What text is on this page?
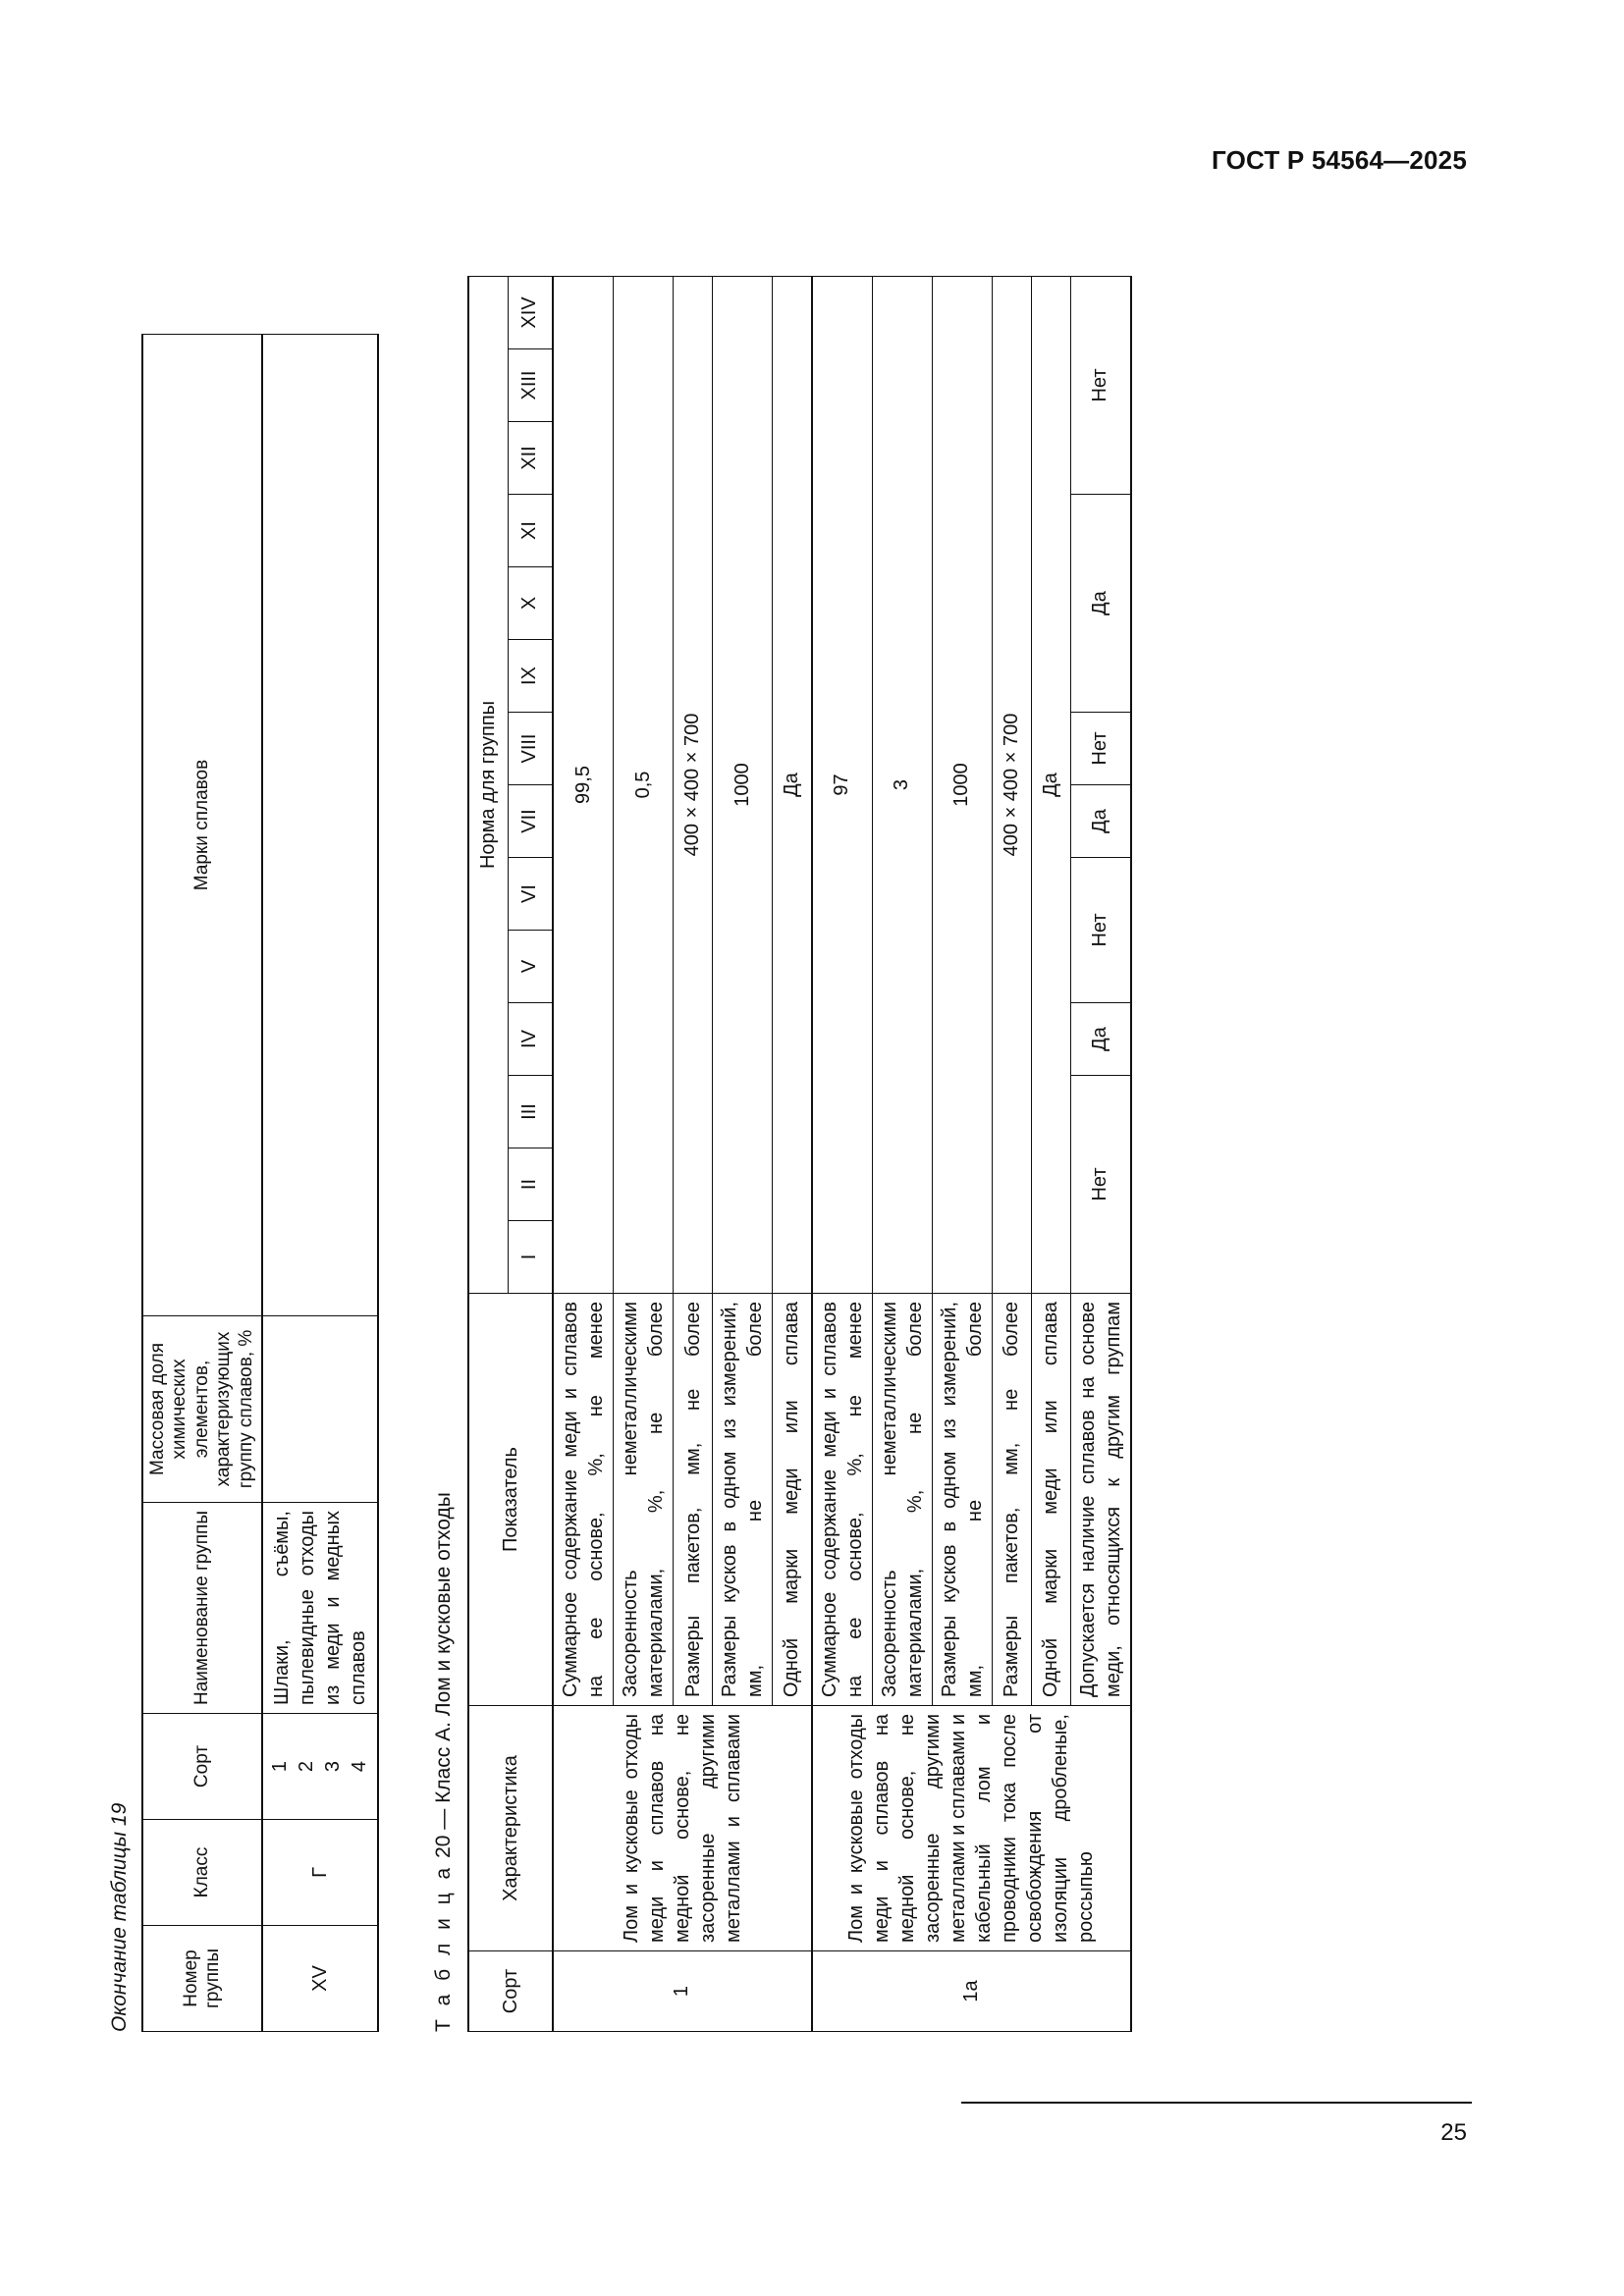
ГОСТ Р 54564—2025
25
Окончание таблицы 19	Номер группы	Класс	Сорт	Наименование группы	Массовая доля химических элементов, характеризующих группу сплавов, %	Марки сплавов
XV	Г	1 2 3 4	Шлаки, съёмы, пылевидные отходы из меди и медных сплавов		
Т а б л и ц а 20 — Класс А. Лом и кусковые отходы
Сорт	Характеристика	Показатель	Норма для группы													
			I	II	III	IV	V	VI	VII	VIII	IX	X	XI	XII	XIII	XIV
1	Лом и кусковые отходы меди и сплавов на медной основе, не засоренные другими металлами и сплавами	Суммарное содержание меди и сплавов на ее основе, %, не менее	99,5													
		Засоренность неметаллическими материалами, %, не более	0,5													
		Размеры пакетов, мм, не более	400 × 400 × 700													
		Размеры кусков в одном из измерений, мм, не более	1000													
		Одной марки меди или сплава	Да													
1а	Лом и кусковые отходы меди и сплавов на медной основе, не засоренные другими металлами и сплавами и кабельный лом и проводники тока после освобождения от изоляции дробленые, россыпью	Суммарное содержание меди и сплавов на ее основе, %, не менее	97													
		Засоренность неметаллическими материалами, %, не более	3													
		Размеры кусков в одном из измерений, мм, не более	1000													
		Размеры пакетов, мм, не более	400 × 400 × 700													
		Одной марки меди или сплава	Да													
		Допускается наличие сплавов на основе меди, относящихся к другим группам	Нет			Да	Нет		Да	Нет	Да			Нет		
